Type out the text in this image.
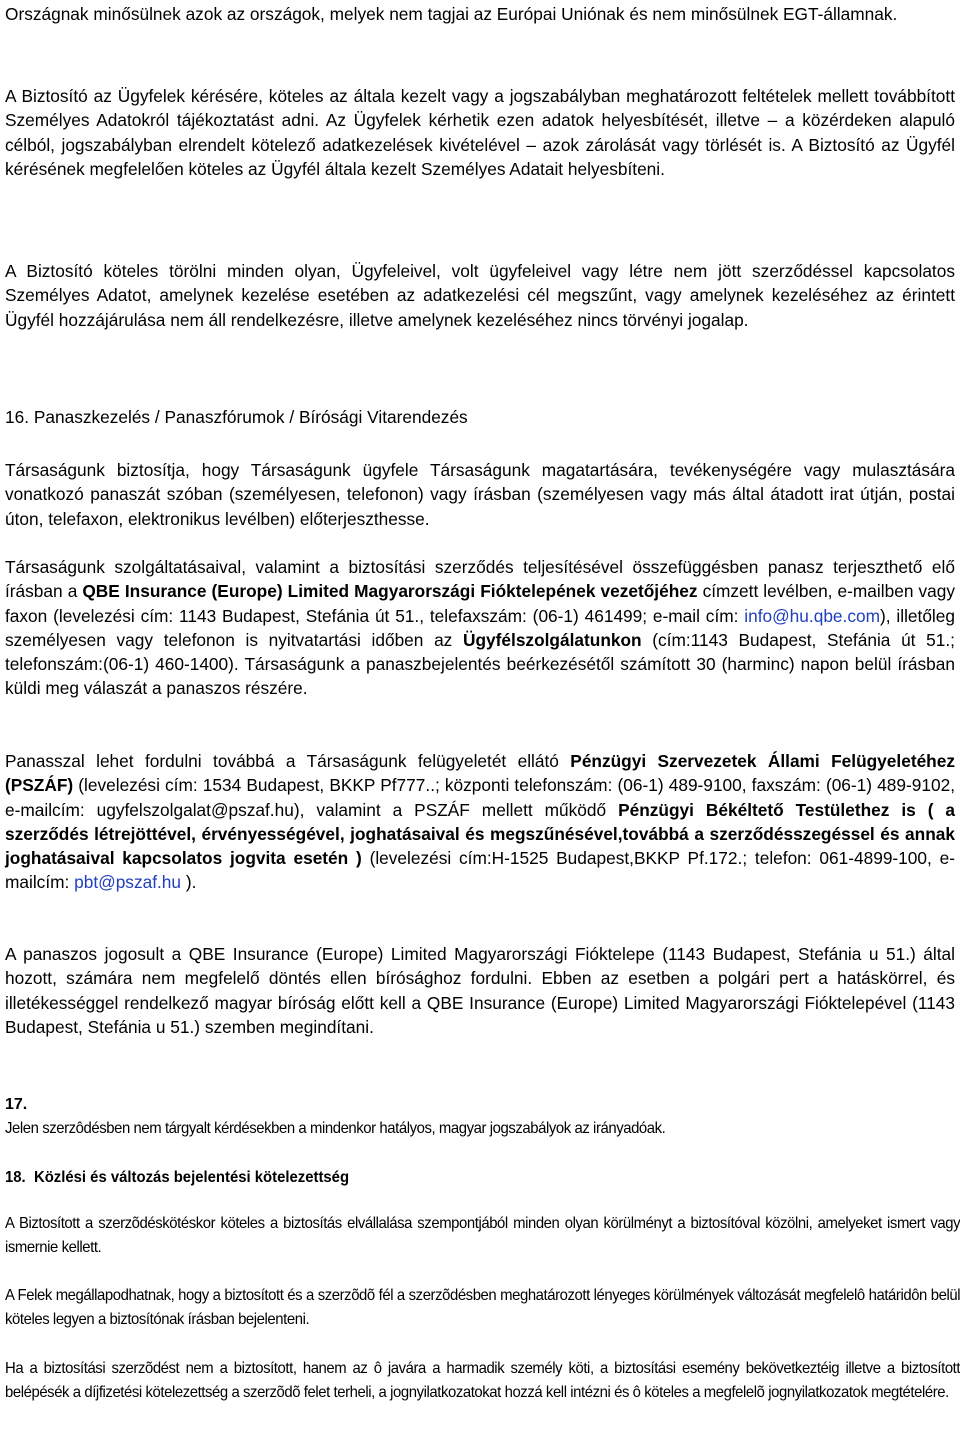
Országnak minősülnek azok az országok, melyek nem tagjai az Európai Uniónak és nem minősülnek EGT-államnak.

A Biztosító az Ügyfelek kérésére, köteles az általa kezelt vagy a jogszabályban meghatározott feltételek mellett továbbított Személyes Adatokról tájékoztatást adni. Az Ügyfelek kérhetik ezen adatok helyesbítését, illetve – a közérdeken alapuló célból, jogszabályban elrendelt kötelező adatkezelések kivételével – azok zárolását vagy törlését is. A Biztosító az Ügyfél kérésének megfelelően köteles az Ügyfél általa kezelt Személyes Adatait helyesbíteni.

A Biztosító köteles törölni minden olyan, Ügyfeleivel, volt ügyfeleivel vagy létre nem jött szerződéssel kapcsolatos Személyes Adatot, amelynek kezelése esetében az adatkezelési cél megszűnt, vagy amelynek kezeléséhez az érintett Ügyfél hozzájárulása nem áll rendelkezésre, illetve amelynek kezeléséhez nincs törvényi jogalap.

16. Panaszkezelés / Panaszfórumok / Bírósági Vitarendezés

Társaságunk biztosítja, hogy Társaságunk ügyfele Társaságunk magatartására, tevékenységére vagy mulasztására vonatkozó panaszát szóban (személyesen, telefonon) vagy írásban (személyesen vagy más által átadott irat útján, postai úton, telefaxon, elektronikus levélben) előterjeszthesse.

Társaságunk szolgáltatásaival, valamint a biztosítási szerződés teljesítésével összefüggésben panasz terjeszthető elő írásban a QBE Insurance (Europe) Limited Magyarországi Fióktelepének vezetőjéhez címzett levélben, e-mailben vagy faxon (levelezési cím: 1143 Budapest, Stefánia út 51., telefaxszám: (06-1) 461499; e-mail cím: info@hu.qbe.com), illetőleg személyesen vagy telefonon is nyitvatartási időben az Ügyfélszolgálatunkon (cím:1143 Budapest, Stefánia út 51.; telefonszám:(06-1) 460-1400). Társaságunk a panaszbejelentés beérkezésétől számított 30 (harminc) napon belül írásban küldi meg válaszát a panaszos részére.

Panasszal lehet fordulni továbbá a Társaságunk felügyeletét ellátó Pénzügyi Szervezetek Állami Felügyeletéhez (PSZÁF) (levelezési cím: 1534 Budapest, BKKP Pf777..; központi telefonszám: (06-1) 489-9100, faxszám: (06-1) 489-9102, e-mailcím: ugyfelszolgalat@pszaf.hu), valamint a PSZÁF mellett működő Pénzügyi Békéltető Testülethez is ( a szerződés létrejöttével, érvényességével, joghatásaival és megszűnésével,továbbá a szerződésszegéssel és annak joghatásaival kapcsolatos jogvita esetén ) (levelezési cím:H-1525 Budapest,BKKP Pf.172.; telefon: 061-4899-100, e-mailcím: pbt@pszaf.hu ).

A panaszos jogosult a QBE Insurance (Europe) Limited Magyarországi Fióktelepe (1143 Budapest, Stefánia u 51.) által hozott, számára nem megfelelő döntés ellen bírósághoz fordulni. Ebben az esetben a polgári pert a hatáskörrel, és illetékességgel rendelkező magyar bíróság előtt kell a QBE Insurance (Europe) Limited Magyarországi Fióktelepével (1143 Budapest, Stefánia u 51.) szemben megindítani.

17.

Jelen szerzôdésben nem tárgyalt kérdésekben a mindenkor hatályos, magyar jogszabályok az irányadóak.

18.  Közlési és változás bejelentési kötelezettség

A Biztosított a szerzõdéskötéskor köteles a biztosítás elvállalása szempontjából minden olyan körülményt a biztosítóval közölni, amelyeket ismert vagy ismernie kellett.

A Felek megállapodhatnak, hogy a biztosított és a szerzõdõ fél a szerzõdésben meghatározott lényeges körülmények változását megfelelô határidôn belül köteles legyen a biztosítónak írásban bejelenteni.

Ha a biztosítási szerzõdést nem a biztosított, hanem az ô javára a harmadik személy köti, a biztosítási esemény bekövetkeztéig illetve a biztosított belépésék a díjfizetési kötelezettség a szerzõdõ felet terheli, a jognyilatkozatokat hozzá kell intézni és ô köteles a megfelelõ jognyilatkozatok megtételére.
